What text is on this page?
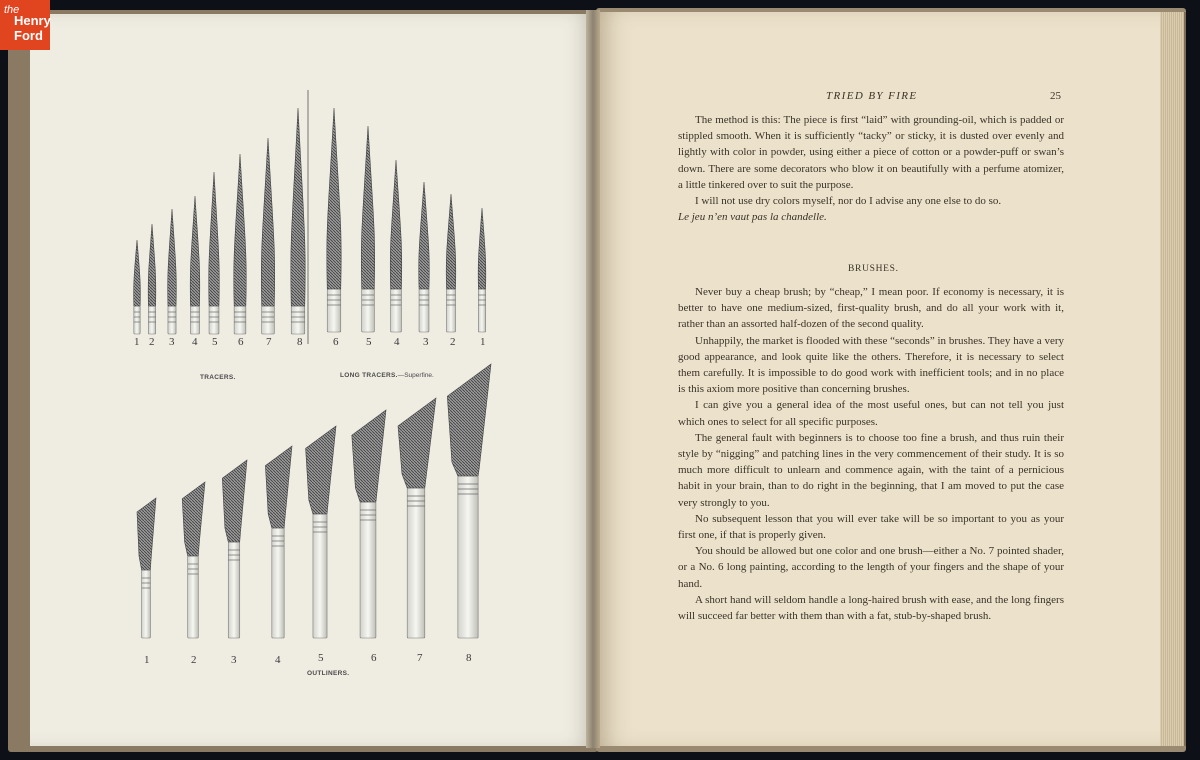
the
Henry
Ford
1 2 3 4 5 6 7 8	6	5 4 3 2 1
TRACERS.	LONG TRACERS.—Superfine.
1	2	3	4	5	6	7	8
OUTLINERS.
TRIED BY FIRE	25

The method is this: The piece is first “laid” with grounding-oil, which is padded or stippled smooth. When it is sufficiently “tacky” or sticky, it is dusted over evenly and lightly with color in powder, using either a piece of cotton or a powder-puff or swan’s down. There are some decorators who blow it on beautifully with a perfume atomizer, a little tinkered over to suit the purpose.

I will not use dry colors myself, nor do I advise any one else to do so.

Le jeu n’en vaut pas la chandelle.

BRUSHES.

Never buy a cheap brush; by “cheap,” I mean poor. If economy is necessary, it is better to have one medium-sized, first-quality brush, and do all your work with it, rather than an assorted half-dozen of the second quality.

Unhappily, the market is flooded with these “seconds” in brushes. They have a very good appearance, and look quite like the others. Therefore, it is necessary to select them carefully. It is impossible to do good work with inefficient tools; and in no place is this axiom more positive than concerning brushes.

I can give you a general idea of the most useful ones, but can not tell you just which ones to select for all specific purposes.

The general fault with beginners is to choose too fine a brush, and thus ruin their style by “nigging” and patching lines in the very commencement of their study. It is so much more difficult to unlearn and commence again, with the taint of a pernicious habit in your brain, than to do right in the beginning, that I am moved to put the case very strongly to you.

No subsequent lesson that you will ever take will be so important to you as your first one, if that is properly given.

You should be allowed but one color and one brush—either a No. 7 pointed shader, or a No. 6 long painting, according to the length of your fingers and the shape of your hand.

A short hand will seldom handle a long-haired brush with ease, and the long fingers will succeed far better with them than with a fat, stub-by-shaped brush.
